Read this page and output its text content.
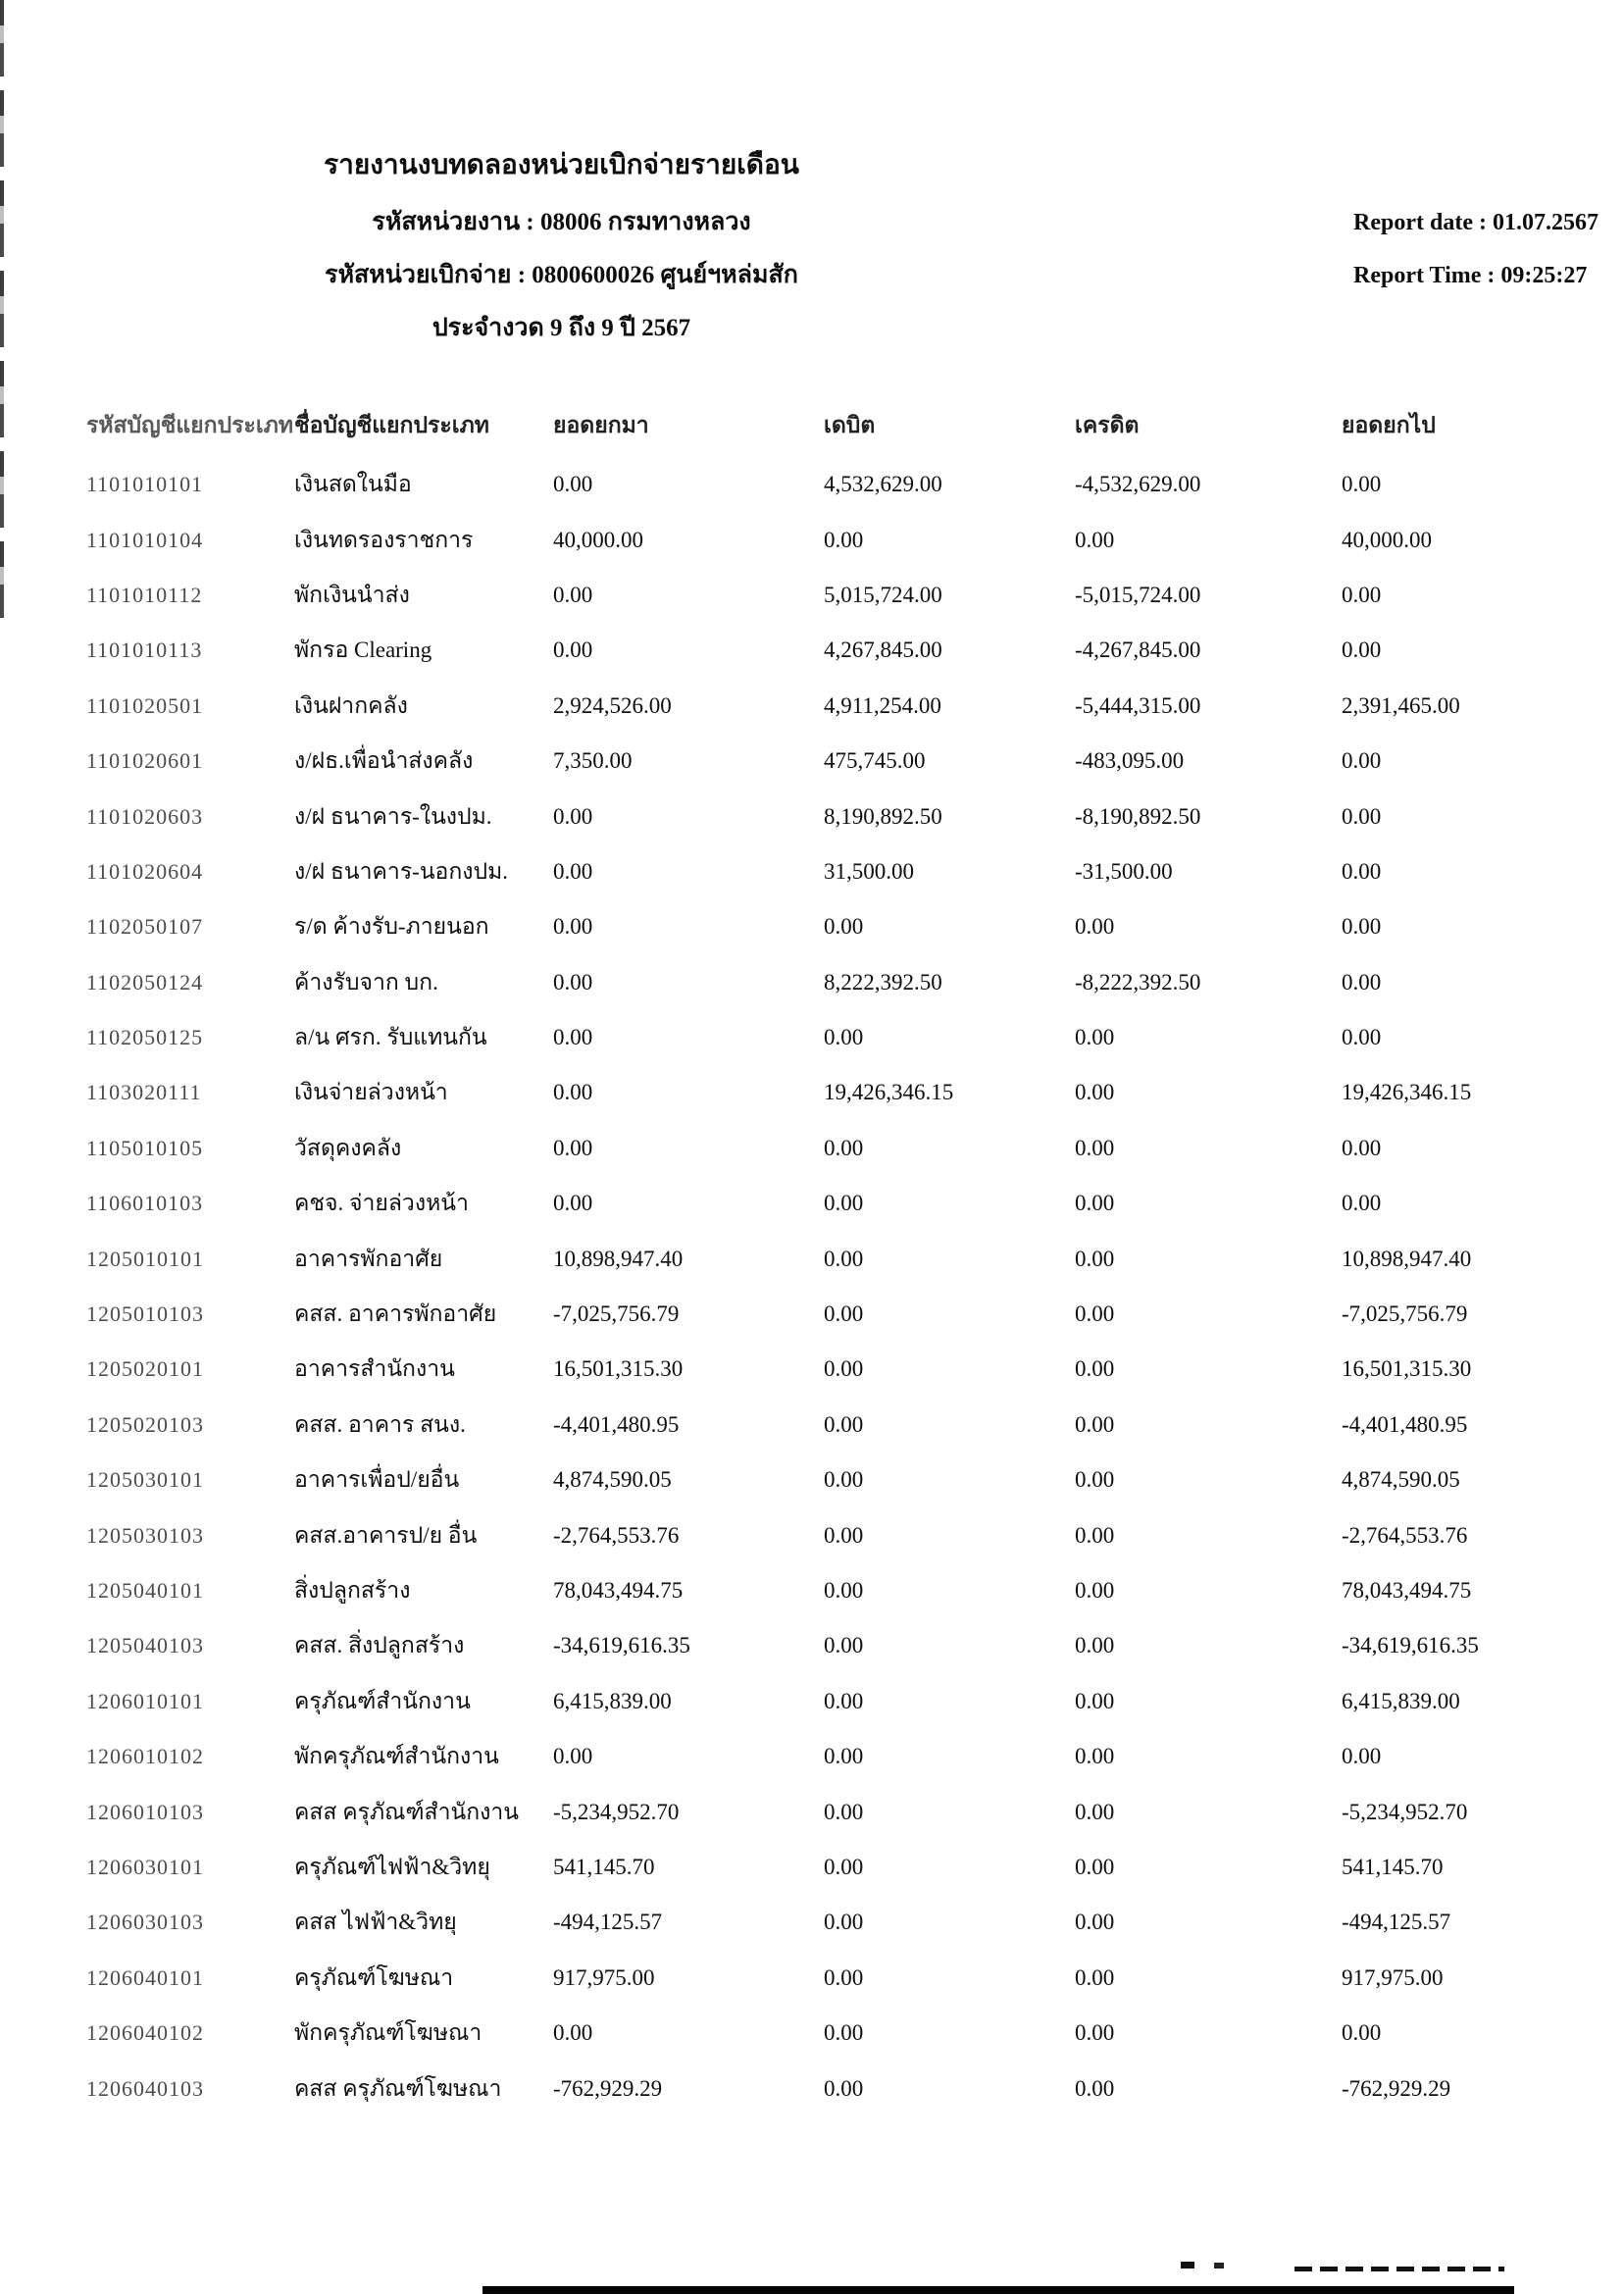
รายงานงบทดลองหน่วยเบิกจ่ายรายเดือน
รหัสหน่วยงาน : 08006 กรมทางหลวง
รหัสหน่วยเบิกจ่าย : 0800600026 ศูนย์ฯหล่มสัก
ประจำงวด 9 ถึง 9 ปี 2567
Report date : 01.07.2567
Report Time : 09:25:27
รหัสบัญชีแยกประเภท ชื่อบัญชีแยกประเภท	ยอดยกมา	เดบิต	เครดิต	ยอดยกไป
1101010101	เงินสดในมือ	0.00	4,532,629.00	-4,532,629.00	0.00
1101010104	เงินทดรองราชการ	40,000.00	0.00	0.00	40,000.00
1101010112	พักเงินนำส่ง	0.00	5,015,724.00	-5,015,724.00	0.00
1101010113	พักรอ Clearing	0.00	4,267,845.00	-4,267,845.00	0.00
1101020501	เงินฝากคลัง	2,924,526.00	4,911,254.00	-5,444,315.00	2,391,465.00
1101020601	ง/ฝธ.เพื่อนำส่งคลัง	7,350.00	475,745.00	-483,095.00	0.00
1101020603	ง/ฝ ธนาคาร-ในงปม.	0.00	8,190,892.50	-8,190,892.50	0.00
1101020604	ง/ฝ ธนาคาร-นอกงปม.	0.00	31,500.00	-31,500.00	0.00
1102050107	ร/ด ค้างรับ-ภายนอก	0.00	0.00	0.00	0.00
1102050124	ค้างรับจาก บก.	0.00	8,222,392.50	-8,222,392.50	0.00
1102050125	ล/น ศรก. รับแทนกัน	0.00	0.00	0.00	0.00
1103020111	เงินจ่ายล่วงหน้า	0.00	19,426,346.15	0.00	19,426,346.15
1105010105	วัสดุคงคลัง	0.00	0.00	0.00	0.00
1106010103	คชจ. จ่ายล่วงหน้า	0.00	0.00	0.00	0.00
1205010101	อาคารพักอาศัย	10,898,947.40	0.00	0.00	10,898,947.40
1205010103	คสส. อาคารพักอาศัย	-7,025,756.79	0.00	0.00	-7,025,756.79
1205020101	อาคารสำนักงาน	16,501,315.30	0.00	0.00	16,501,315.30
1205020103	คสส. อาคาร สนง.	-4,401,480.95	0.00	0.00	-4,401,480.95
1205030101	อาคารเพื่อป/ยอื่น	4,874,590.05	0.00	0.00	4,874,590.05
1205030103	คสส.อาคารป/ย อื่น	-2,764,553.76	0.00	0.00	-2,764,553.76
1205040101	สิ่งปลูกสร้าง	78,043,494.75	0.00	0.00	78,043,494.75
1205040103	คสส. สิ่งปลูกสร้าง	-34,619,616.35	0.00	0.00	-34,619,616.35
1206010101	ครุภัณฑ์สำนักงาน	6,415,839.00	0.00	0.00	6,415,839.00
1206010102	พักครุภัณฑ์สำนักงาน	0.00	0.00	0.00	0.00
1206010103	คสส ครุภัณฑ์สำนักงาน	-5,234,952.70	0.00	0.00	-5,234,952.70
1206030101	ครุภัณฑ์ไฟฟ้า&วิทยุ	541,145.70	0.00	0.00	541,145.70
1206030103	คสส ไฟฟ้า&วิทยุ	-494,125.57	0.00	0.00	-494,125.57
1206040101	ครุภัณฑ์โฆษณา	917,975.00	0.00	0.00	917,975.00
1206040102	พักครุภัณฑ์โฆษณา	0.00	0.00	0.00	0.00
1206040103	คสส ครุภัณฑ์โฆษณา	-762,929.29	0.00	0.00	-762,929.29
